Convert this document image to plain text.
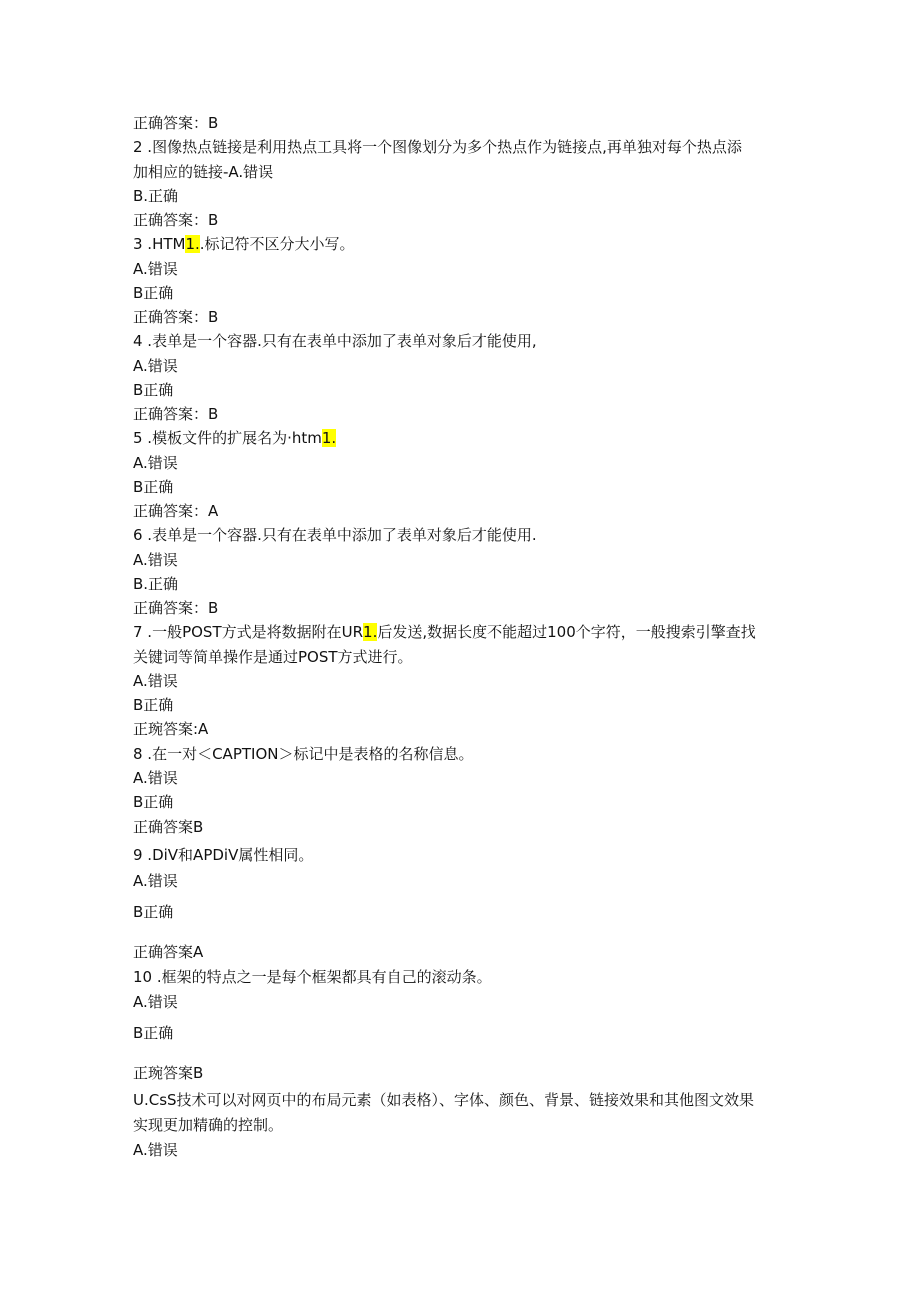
正确答案：B
2 .图像热点链接是利用热点工具将一个图像划分为多个热点作为链接点,再单独对每个热点添
加相应的链接-A.错误
B.正确
正确答案：B
3 .HTM1..标记符不区分大小写。
A.错误
B正确
正确答案：B
4 .表单是一个容器.只有在表单中添加了表单对象后才能使用,
A.错误
B正确
正确答案：B
5 .模板文件的扩展名为·htm1.
A.错误
B正确
正确答案：A
6 .表单是一个容器.只有在表单中添加了表单对象后才能使用.
A.错误
B.正确
正确答案：B
7 .一般POST方式是将数据附在UR1.后发送,数据长度不能超过100个字符，一般搜索引擎查找
关键词等简单操作是通过POST方式进行。
A.错误
B正确
正琬答案:A
8 .在一对＜CAPTION＞标记中是表格的名称信息。
A.错误
B正确
正确答案B
9 .DiV和APDiV属性相同。
A.错误
B正确
正确答案A
10 .框架的特点之一是每个框架都具有自己的滚动条。
A.错误
B正确
正琬答案B
U.CsS技术可以对网页中的布局元素（如表格）、字体、颜色、背景、链接效果和其他图文效果
实现更加精确的控制。
A.错误
